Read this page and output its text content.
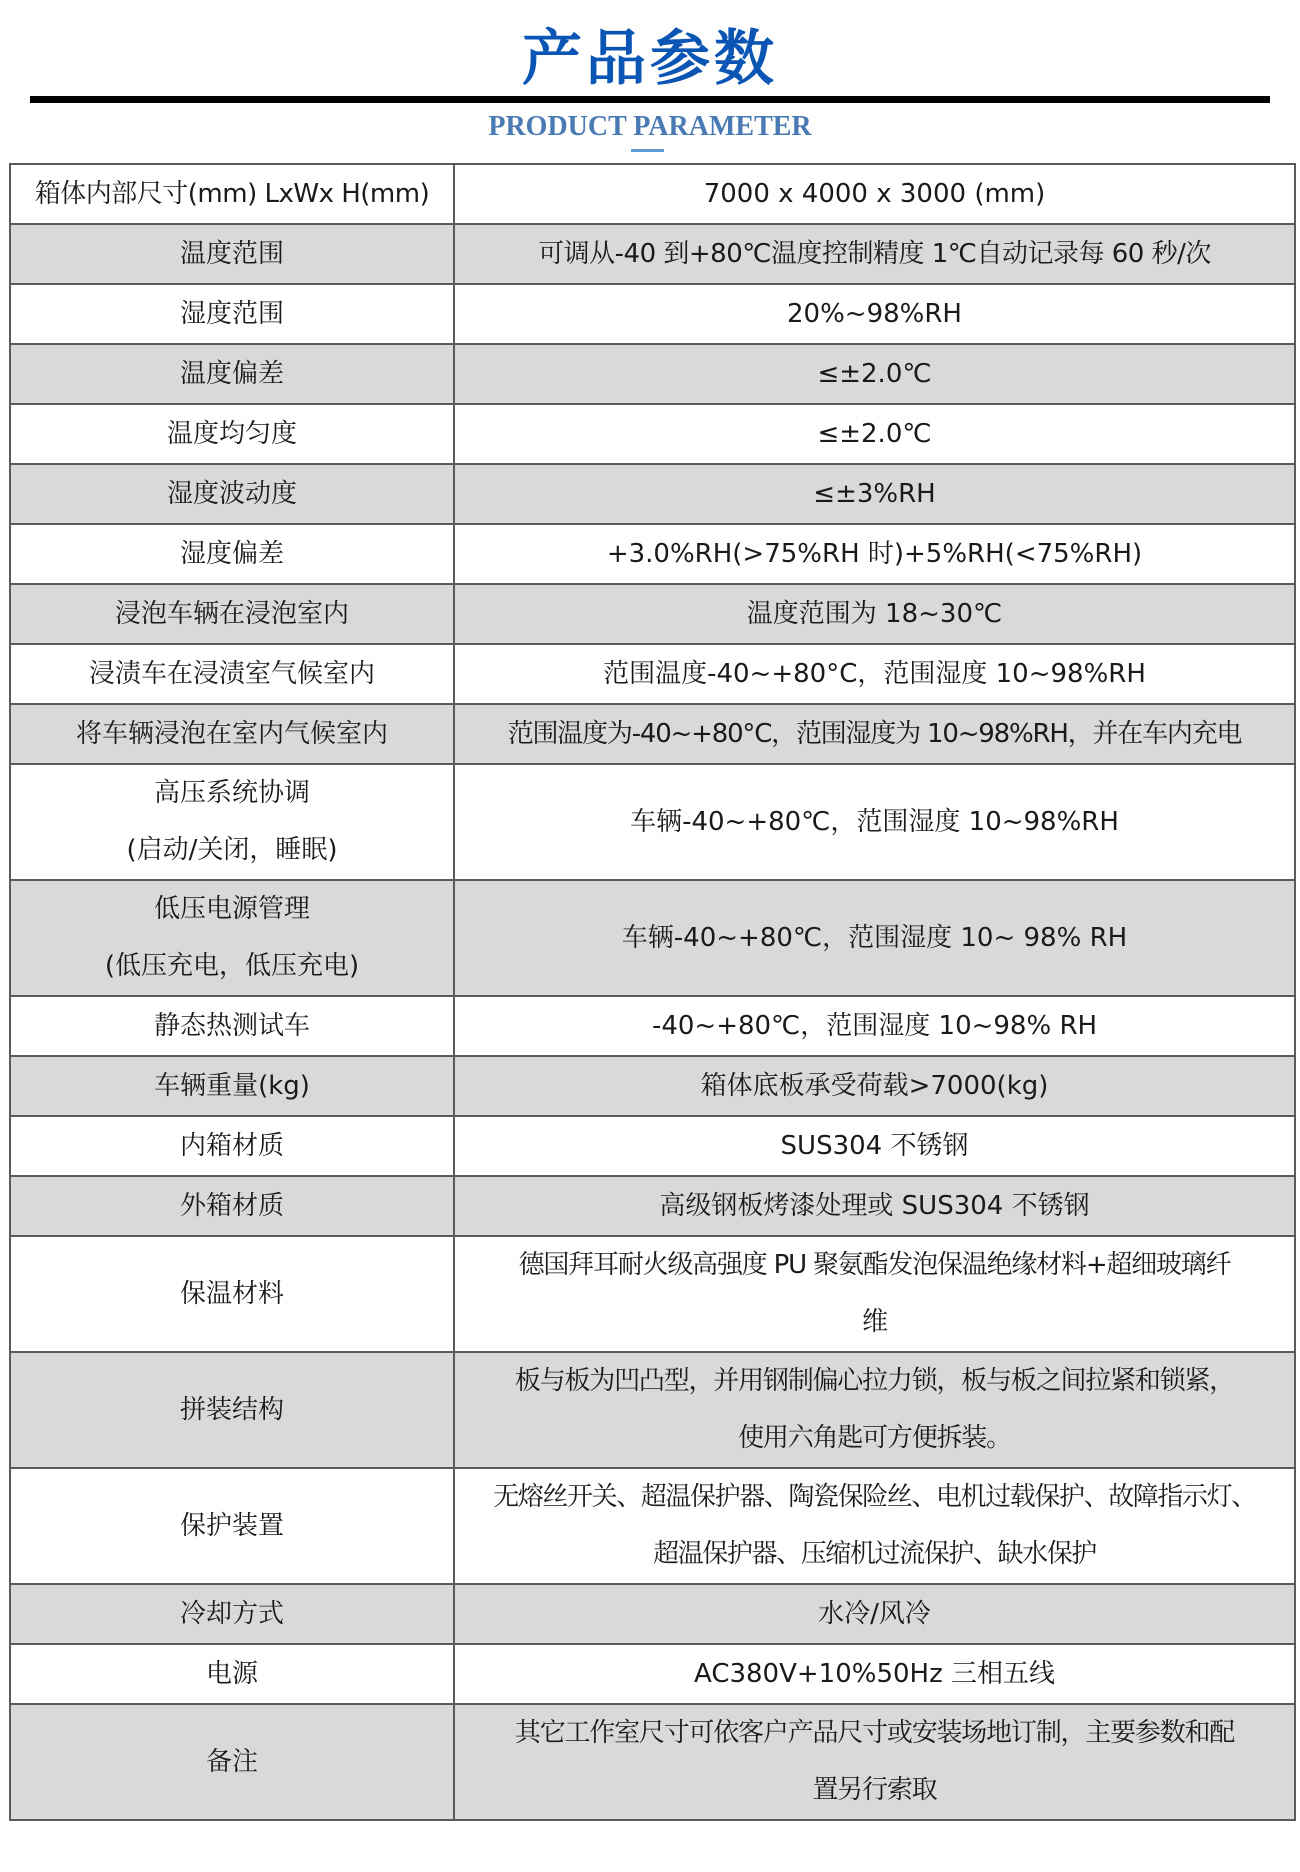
产品参数
PRODUCT PARAMETER
箱体内部尺寸(mm) LxWx H(mm)	7000 x 4000 x 3000 (mm)
温度范围	可调从-40 到+80℃温度控制精度 1℃自动记录每 60 秒/次
湿度范围	20%~98%RH
温度偏差	≤±2.0℃
温度均匀度	≤±2.0℃
湿度波动度	≤±3%RH
湿度偏差	+3.0%RH(>75%RH 时)+5%RH(<75%RH)
浸泡车辆在浸泡室内	温度范围为 18~30℃
浸渍车在浸渍室气候室内	范围温度-40~+80°C，范围湿度 10~98%RH
将车辆浸泡在室内气候室内	范围温度为-40~+80°C，范围湿度为 10~98%RH，并在车内充电

高压系统协调
(启动/关闭，睡眠)	车辆-40~+80℃，范围湿度 10~98%RH

低压电源管理
(低压充电，低压充电)	车辆-40~+80℃，范围湿度 10~ 98% RH
静态热测试车	-40~+80℃，范围湿度 10~98% RH
车辆重量(kg)	箱体底板承受荷载>7000(kg)
内箱材质	SUS304 不锈钢
外箱材质	高级钢板烤漆处理或 SUS304 不锈钢
保温材料	德国拜耳耐火级高强度 PU 聚氨酯发泡保温绝缘材料+超细玻璃纤
维

拼装结构	板与板为凹凸型，并用钢制偏心拉力锁，板与板之间拉紧和锁紧，
使用六角匙可方便拆装。

保护装置	无熔丝开关、超温保护器、陶瓷保险丝、电机过载保护、故障指示灯、
超温保护器、压缩机过流保护、缺水保护

冷却方式	水冷/风冷
电源	AC380V+10%50Hz 三相五线
备注	其它工作室尺寸可依客户产品尺寸或安装场地订制，主要参数和配
置另行索取
